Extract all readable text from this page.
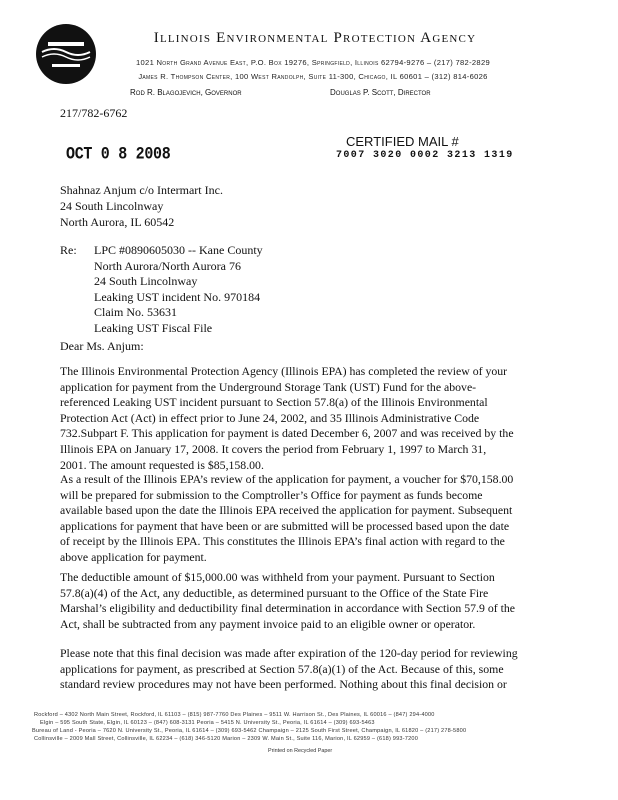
Illinois Environmental Protection Agency
1021 North Grand Avenue East, P.O. Box 19276, Springfield, Illinois 62794-9276 – (217) 782-2829
James R. Thompson Center, 100 West Randolph, Suite 11-300, Chicago, IL 60601 – (312) 814-6026
Rod R. Blagojevich, Governor	Douglas P. Scott, Director
217/782-6762
OCT 0 8 2008
CERTIFIED MAIL #
7007 3020 0002 3213 1319
Shahnaz Anjum c/o Intermart Inc.
24 South Lincolnway
North Aurora, IL 60542
Re: LPC #0890605030 -- Kane County
North Aurora/North Aurora 76
24 South Lincolnway
Leaking UST incident No. 970184
Claim No. 53631
Leaking UST Fiscal File
Dear Ms. Anjum:
The Illinois Environmental Protection Agency (Illinois EPA) has completed the review of your
application for payment from the Underground Storage Tank (UST) Fund for the above-
referenced Leaking UST incident pursuant to Section 57.8(a) of the Illinois Environmental
Protection Act (Act) in effect prior to June 24, 2002, and 35 Illinois Administrative Code
732.Subpart F. This application for payment is dated December 6, 2007 and was received by the
Illinois EPA on January 17, 2008. It covers the period from February 1, 1997 to March 31,
2001. The amount requested is $85,158.00.
As a result of the Illinois EPA’s review of the application for payment, a voucher for $70,158.00
will be prepared for submission to the Comptroller’s Office for payment as funds become
available based upon the date the Illinois EPA received the application for payment. Subsequent
applications for payment that have been or are submitted will be processed based upon the date
of receipt by the Illinois EPA. This constitutes the Illinois EPA’s final action with regard to the
above application for payment.
The deductible amount of $15,000.00 was withheld from your payment. Pursuant to Section
57.8(a)(4) of the Act, any deductible, as determined pursuant to the Office of the State Fire
Marshal’s eligibility and deductibility final determination in accordance with Section 57.9 of the
Act, shall be subtracted from any payment invoice paid to an eligible owner or operator.
Please note that this final decision was made after expiration of the 120-day period for reviewing
applications for payment, as prescribed at Section 57.8(a)(1) of the Act. Because of this, some
standard review procedures may not have been performed. Nothing about this final decision or
Rockford – 4302 North Main Street, Rockford, IL 61103 – (815) 987-7760 Des Plaines – 9511 W. Harrison St., Des Plaines, IL 60016 – (847) 294-4000
Elgin – 595 South State, Elgin, IL 60123 – (847) 608-3131 Peoria – 5415 N. University St., Peoria, IL 61614 – (309) 693-5463
Bureau of Land - Peoria – 7620 N. University St., Peoria, IL 61614 – (309) 693-5462 Champaign – 2125 South First Street, Champaign, IL 61820 – (217) 278-5800
Collinsville – 2009 Mall Street, Collinsville, IL 62234 – (618) 346-5120 Marion – 2309 W. Main St., Suite 116, Marion, IL 62959 – (618) 993-7200
Printed on Recycled Paper
